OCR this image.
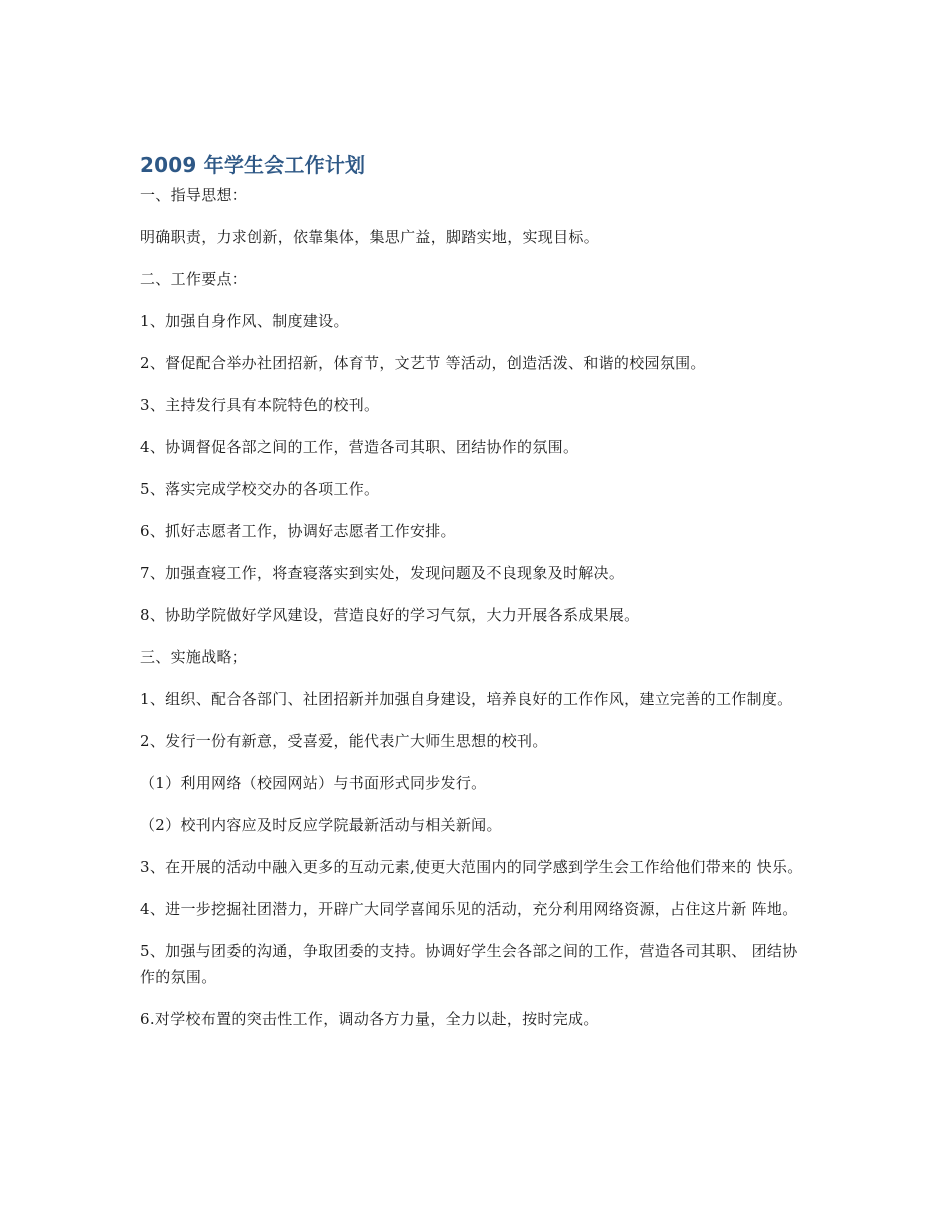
2009 年学生会工作计划

一、指导思想：

明确职责，力求创新，依靠集体，集思广益，脚踏实地，实现目标。

二、工作要点：

1、加强自身作风、制度建设。

2、督促配合举办社团招新，体育节，文艺节 等活动，创造活泼、和谐的校园氛围。

3、主持发行具有本院特色的校刊。

4、协调督促各部之间的工作，营造各司其职、团结协作的氛围。

5、落实完成学校交办的各项工作。

6、抓好志愿者工作，协调好志愿者工作安排。

7、加强查寝工作，将查寝落实到实处，发现问题及不良现象及时解决。

8、协助学院做好学风建设，营造良好的学习气氛，大力开展各系成果展。

三、实施战略；

1、组织、配合各部门、社团招新并加强自身建设，培养良好的工作作风，建立完善的工作制度。

2、发行一份有新意，受喜爱，能代表广大师生思想的校刊。

（1）利用网络（校园网站）与书面形式同步发行。

（2）校刊内容应及时反应学院最新活动与相关新闻。

3、在开展的活动中融入更多的互动元素,使更大范围内的同学感到学生会工作给他们带来的 快乐。

4、进一步挖掘社团潜力，开辟广大同学喜闻乐见的活动，充分利用网络资源，占住这片新 阵地。

5、加强与团委的沟通，争取团委的支持。协调好学生会各部之间的工作，营造各司其职、 团结协作的氛围。

6.对学校布置的突击性工作，调动各方力量，全力以赴，按时完成。
